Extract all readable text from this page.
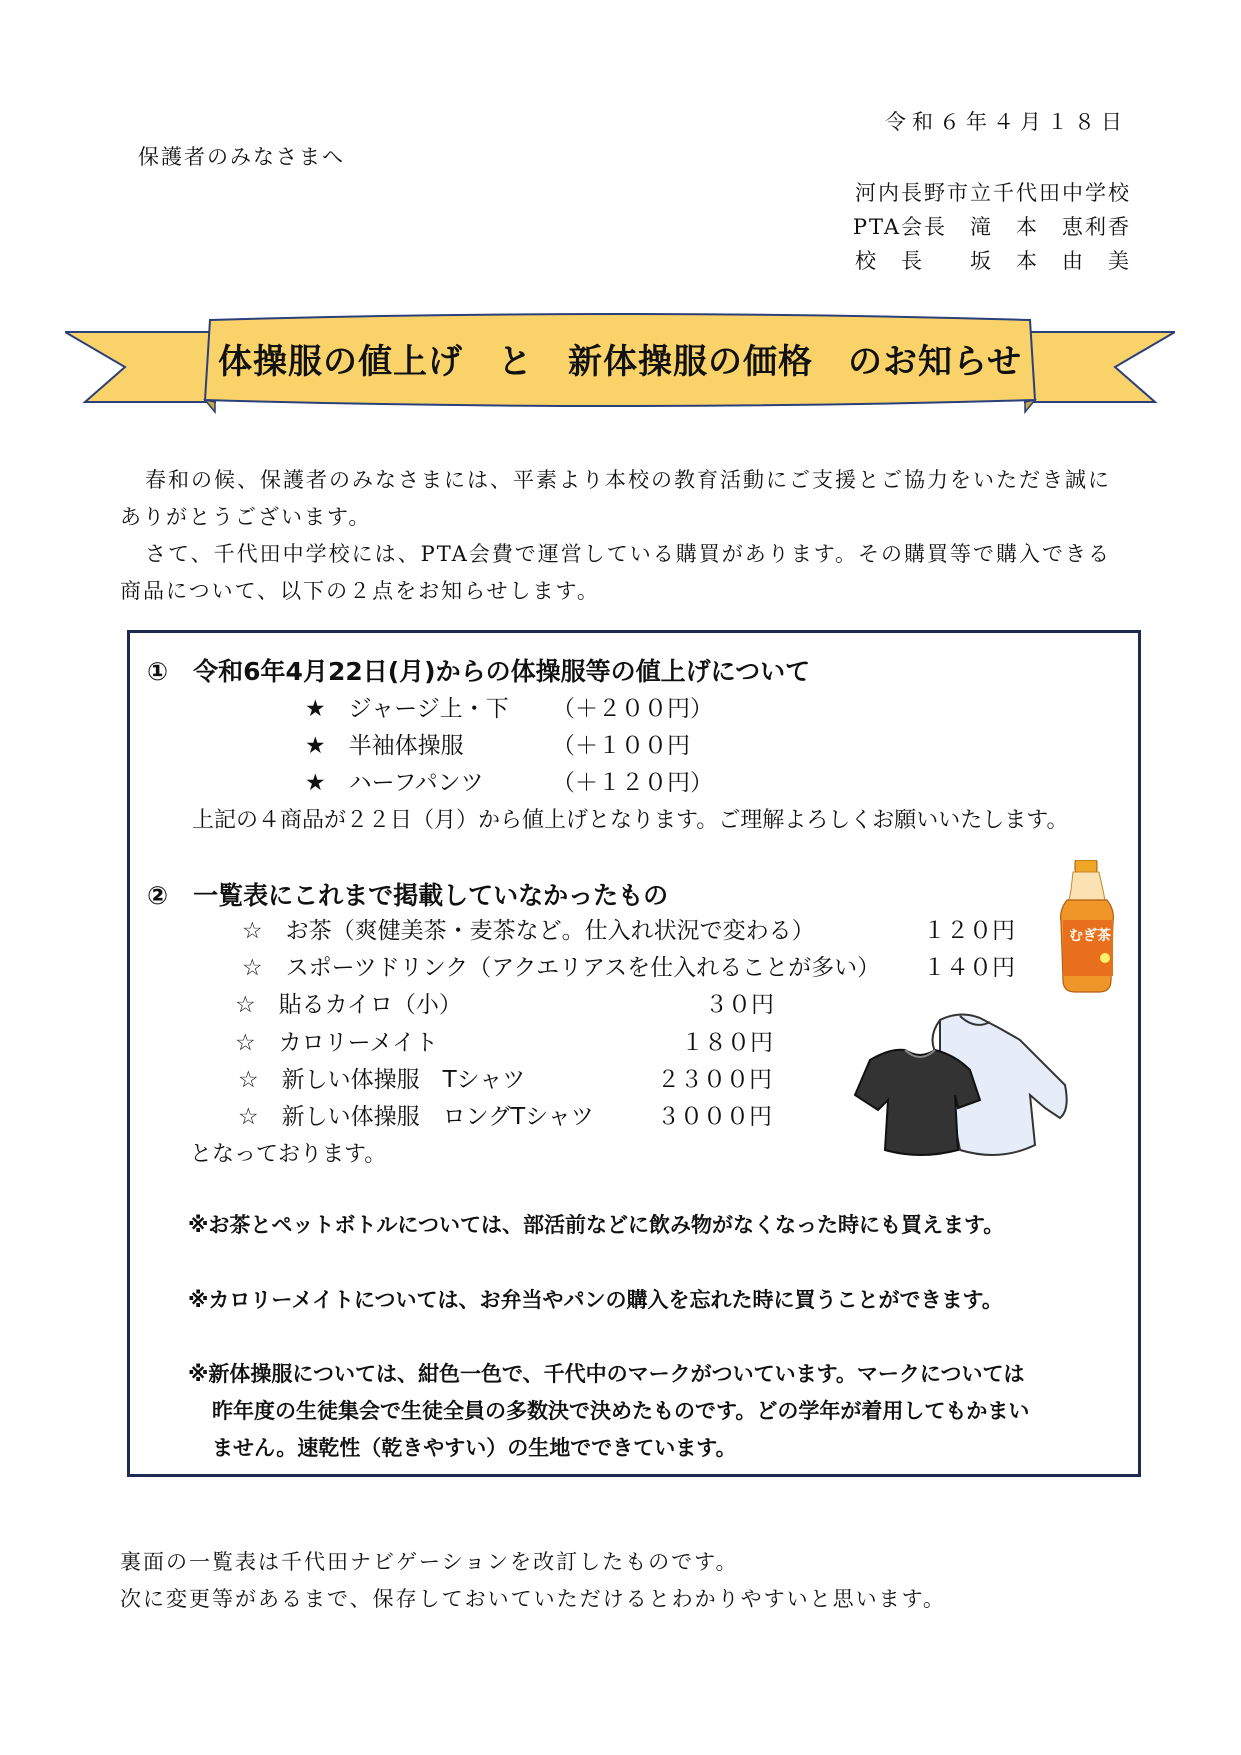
令和６年４月１８日
保護者のみなさまへ
河内長野市立千代田中学校
PTA会長　滝　本　恵利香
校　長　　坂　本　由　美
体操服の値上げ　と　新体操服の価格　のお知らせ

春和の候、保護者のみなさまには、平素より本校の教育活動にご支援とご協力をいただき誠に

ありがとうございます。

さて、千代田中学校には、PTA会費で運営している購買があります。その購買等で購入できる

商品について、以下の２点をお知らせします。

①　令和6年4月22日(月)からの体操服等の値上げについて
★　ジャージ上・下 （＋２００円）
★　半袖体操服	（＋１００円
★　ハーフパンツ	（＋１２０円）
上記の４商品が２２日（月）から値上げとなります。ご理解よろしくお願いいたします。
②　一覧表にこれまで掲載していなかったもの
☆　お茶（爽健美茶・麦茶など。仕入れ状況で変わる）	１２０円
☆　スポーツドリンク（アクエリアスを仕入れることが多い） １４０円
☆　貼るカイロ（小）	３０円
☆　カロリーメイト	１８０円
☆　新しい体操服　Tシャツ	２３００円
☆　新しい体操服　ロングTシャツ	３０００円
となっております。
むぎ茶
※お茶とペットボトルについては、部活前などに飲み物がなくなった時にも買えます。
※カロリーメイトについては、お弁当やパンの購入を忘れた時に買うことができます。
※新体操服については、紺色一色で、千代中のマークがついています。マークについては
昨年度の生徒集会で生徒全員の多数決で決めたものです。どの学年が着用してもかまい
ません。速乾性（乾きやすい）の生地でできています。

裏面の一覧表は千代田ナビゲーションを改訂したものです。

次に変更等があるまで、保存しておいていただけるとわかりやすいと思います。
